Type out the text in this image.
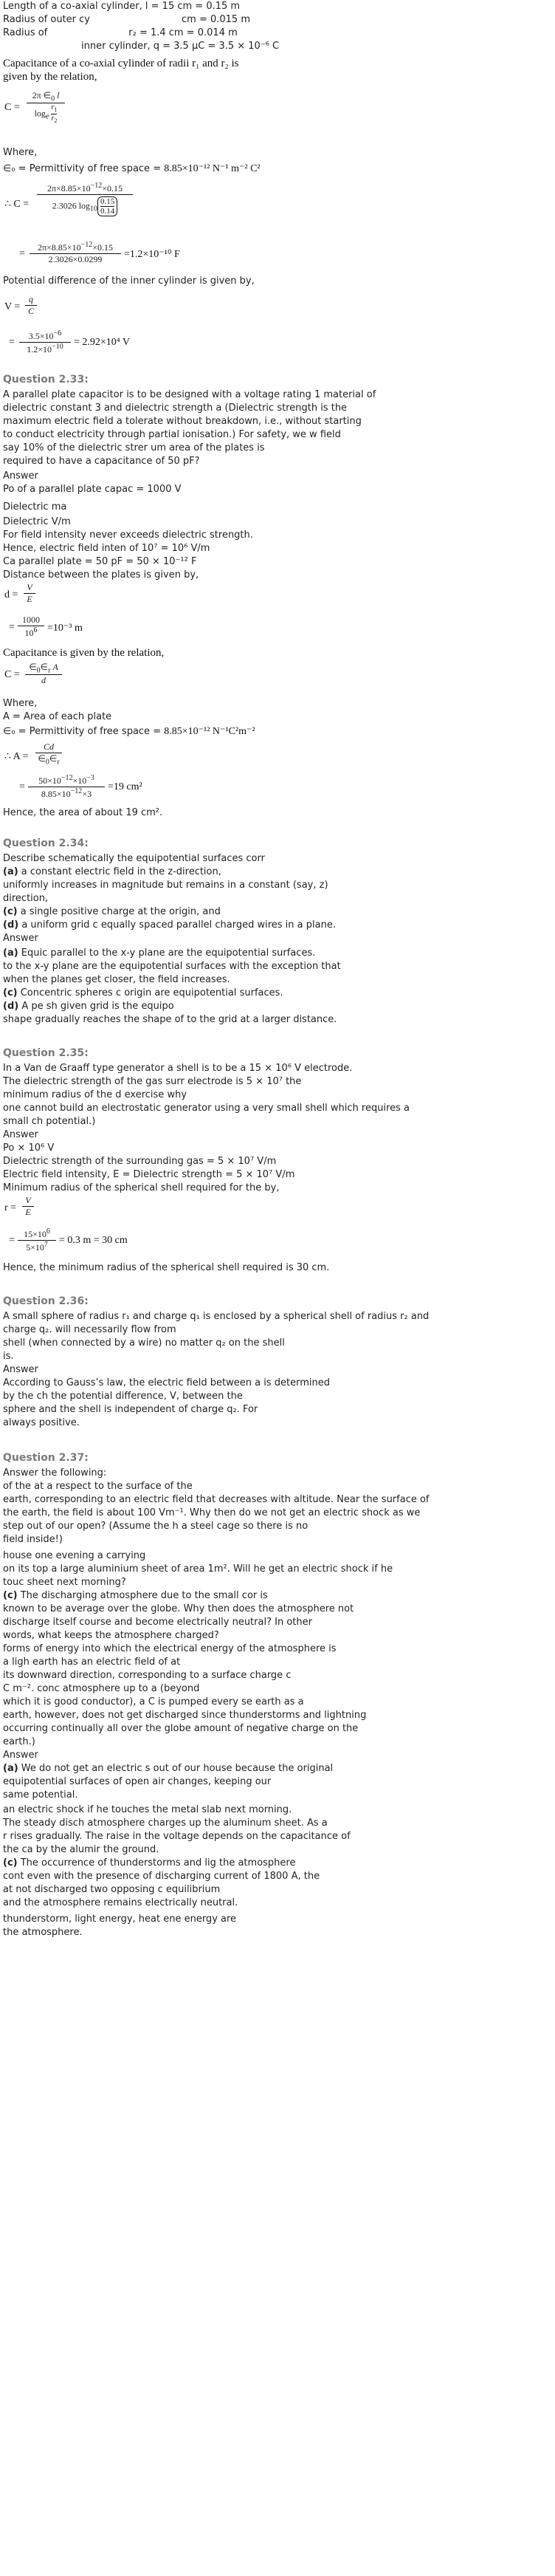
Length of a co-axial cylinder, l = 15 cm = 0.15 m
Radius of outer cy	cm = 0.015 m
Radius of	r₂ = 1.4 cm = 0.014 m
inner cylinder, q = 3.5 μC = 3.5 × 10⁻⁶ C
Capacitance of a co-axial cylinder of radii r₁ and r₂ is
given by the relation,
$C = \frac{2\pi \in_0 l}{\log_e \frac{r_1}{r_2}}$
Where,
∈₀ = Permittivity of free space = 8.85×10⁻¹² N⁻¹ m⁻² C²
∴ $C = \frac{2\pi\times 8.85\times 10^{-12}\times 0.15}{2.3026 \log_{10} \frac{0.15}{0.14}}$
= $\frac{2\pi\times 8.85\times 10^{-12}\times 0.15}{2.3026\times 0.0299} =1.2\times 10^{-10}$ F
Potential difference of the inner cylinder is given by,
$V = \frac{q}{C}$
= $\frac{3.5\times 10^{-6}}{1.2\times 10^{-10}} = 2.92\times 10^4$ V
Question 2.33:
A parallel plate capacitor is to be designed with a voltage rating 1 material of
dielectric constant 3 and dielectric strength a (Dielectric strength is the
maximum electric field a tolerate without breakdown, i.e., without starting
to conduct electricity through partial ionisation.) For safety, we w field
say 10% of the dielectric strer um area of the plates is
required to have a capacitance of 50 pF?
Answer
Po of a parallel plate capac = 1000 V
Dielectric ma
Dielectric V/m
For field intensity never exceeds dielectric strength.
Hence, electric field inten of 10⁷ = 10⁶ V/m
Ca parallel plate = 50 pF = 50 × 10⁻¹² F
Distance between the plates is given by,
$d = \frac{V}{E}$
= $\frac{1000}{10^6} =10^{-3}$ m
Capacitance is given by the relation,
$C = \frac{\in_0\in_r A}{d}$
Where,
A = Area of each plate
∈₀ = Permittivity of free space = 8.85×10⁻¹² N⁻¹C²m⁻²
∴ $A = \frac{Cd}{\in_0\in_r}$
= $\frac{50\times 10^{-12}\times 10^{-3}}{8.85\times 10^{-12}\times 3} =19$ cm²
Hence, the area of about 19 cm².
Question 2.34:
Describe schematically the equipotential surfaces corr
(a) a constant electric field in the z-direction,
uniformly increases in magnitude but remains in a constant (say, z)
direction,
(c) a single positive charge at the origin, and
(d) a uniform grid c equally spaced parallel charged wires in a plane.
Answer
(a) Equic parallel to the x-y plane are the equipotential surfaces.
to the x-y plane are the equipotential surfaces with the exception that
when the planes get closer, the field increases.
(c) Concentric spheres c origin are equipotential surfaces.
(d) A pe sh given grid is the equipo
shape gradually reaches the shape of to the grid at a larger distance.
Question 2.35:
In a Van de Graaff type generator a shell is to be a 15 × 10⁶ V electrode.
The dielectric strength of the gas surr electrode is 5 × 10⁷ the
minimum radius of the d exercise why
one cannot build an electrostatic generator using a very small shell which requires a
small ch potential.)
Answer
Po × 10⁶ V
Dielectric strength of the surrounding gas = 5 × 10⁷ V/m
Electric field intensity, E = Dielectric strength = 5 × 10⁷ V/m
Minimum radius of the spherical shell required for the by,
$r = \frac{V}{E}$
= $\frac{15\times 10^6}{5\times 10^7} = 0.3$ m = 30 cm
Hence, the minimum radius of the spherical shell required is 30 cm.
Question 2.36:
A small sphere of radius r₁ and charge q₁ is enclosed by a spherical shell of radius r₂ and
charge q₂. will necessarily flow from
shell (when connected by a wire) no matter q₂ on the shell
is.
Answer
According to Gauss’s law, the electric field between a is determined
by the ch the potential difference, V, between the
sphere and the shell is independent of charge q₂. For
always positive.
Question 2.37:
Answer the following:
of the at a respect to the surface of the
earth, corresponding to an electric field that decreases with altitude. Near the surface of
the earth, the field is about 100 Vm⁻¹. Why then do we not get an electric shock as we
step out of our open? (Assume the h a steel cage so there is no
field inside!)
house one evening a carrying
on its top a large aluminium sheet of area 1m². Will he get an electric shock if he
touc sheet next morning?
(c) The discharging atmosphere due to the small cor is
known to be average over the globe. Why then does the atmosphere not
discharge itself course and become electrically neutral? In other
words, what keeps the atmosphere charged?
forms of energy into which the electrical energy of the atmosphere is
a ligh earth has an electric field of at
its downward direction, corresponding to a surface charge c
C m⁻². conc atmosphere up to a (beyond
which it is good conductor), a C is pumped every se earth as a
earth, however, does not get discharged since thunderstorms and lightning
occurring continually all over the globe amount of negative charge on the
earth.)
Answer
(a) We do not get an electric s out of our house because the original
equipotential surfaces of open air changes, keeping our
same potential.
an electric shock if he touches the metal slab next morning.
The steady disch atmosphere charges up the aluminum sheet. As a
r rises gradually. The raise in the voltage depends on the capacitance of
the ca by the alumir the ground.
(c) The occurrence of thunderstorms and lig the atmosphere
cont even with the presence of discharging current of 1800 A, the
at not discharged two opposing c equilibrium
and the atmosphere remains electrically neutral.
thunderstorm, light energy, heat ene energy are
the atmosphere.
